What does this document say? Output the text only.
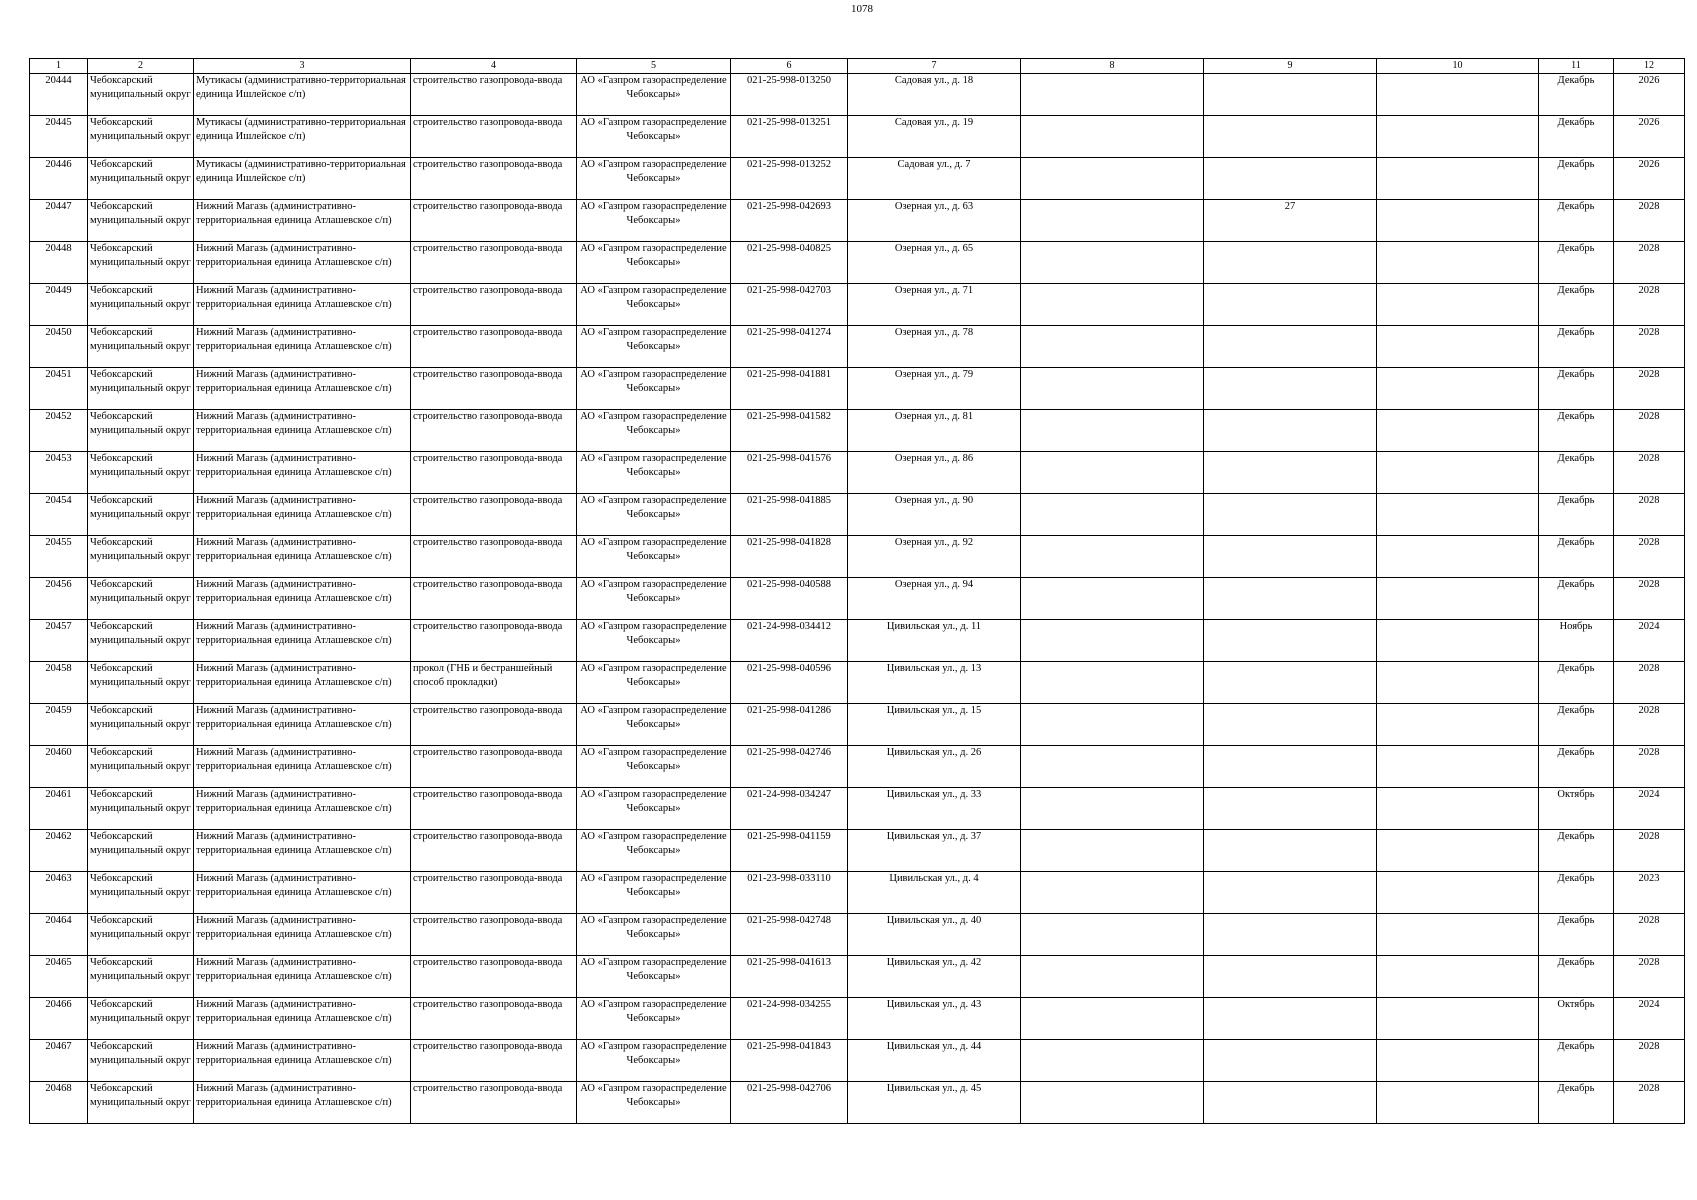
1078
1	2	3	4	5	6	7	8	9	10	11	12

20444	Чебоксарский муниципальный округ	Мутикасы (административно-территориальная единица Ишлейское с/п)	строительство газопровода-ввода	АО «Газпром газораспределение Чебоксары»	021-25-998-013250	Садовая ул., д. 18				Декабрь	2026

20445	Чебоксарский муниципальный округ	Мутикасы (административно-территориальная единица Ишлейское с/п)	строительство газопровода-ввода	АО «Газпром газораспределение Чебоксары»	021-25-998-013251	Садовая ул., д. 19				Декабрь	2026

20446	Чебоксарский муниципальный округ	Мутикасы (административно-территориальная единица Ишлейское с/п)	строительство газопровода-ввода	АО «Газпром газораспределение Чебоксары»	021-25-998-013252	Садовая ул., д. 7				Декабрь	2026

20447	Чебоксарский муниципальный округ	Нижний Магазь (административно-территориальная единица Атлашевское с/п)	строительство газопровода-ввода	АО «Газпром газораспределение Чебоксары»	021-25-998-042693	Озерная ул., д. 63		27		Декабрь	2028

20448	Чебоксарский муниципальный округ	Нижний Магазь (административно-территориальная единица Атлашевское с/п)	строительство газопровода-ввода	АО «Газпром газораспределение Чебоксары»	021-25-998-040825	Озерная ул., д. 65				Декабрь	2028

20449	Чебоксарский муниципальный округ	Нижний Магазь (административно-территориальная единица Атлашевское с/п)	строительство газопровода-ввода	АО «Газпром газораспределение Чебоксары»	021-25-998-042703	Озерная ул., д. 71				Декабрь	2028

20450	Чебоксарский муниципальный округ	Нижний Магазь (административно-территориальная единица Атлашевское с/п)	строительство газопровода-ввода	АО «Газпром газораспределение Чебоксары»	021-25-998-041274	Озерная ул., д. 78				Декабрь	2028

20451	Чебоксарский муниципальный округ	Нижний Магазь (административно-территориальная единица Атлашевское с/п)	строительство газопровода-ввода	АО «Газпром газораспределение Чебоксары»	021-25-998-041881	Озерная ул., д. 79				Декабрь	2028

20452	Чебоксарский муниципальный округ	Нижний Магазь (административно-территориальная единица Атлашевское с/п)	строительство газопровода-ввода	АО «Газпром газораспределение Чебоксары»	021-25-998-041582	Озерная ул., д. 81				Декабрь	2028

20453	Чебоксарский муниципальный округ	Нижний Магазь (административно-территориальная единица Атлашевское с/п)	строительство газопровода-ввода	АО «Газпром газораспределение Чебоксары»	021-25-998-041576	Озерная ул., д. 86				Декабрь	2028

20454	Чебоксарский муниципальный округ	Нижний Магазь (административно-территориальная единица Атлашевское с/п)	строительство газопровода-ввода	АО «Газпром газораспределение Чебоксары»	021-25-998-041885	Озерная ул., д. 90				Декабрь	2028

20455	Чебоксарский муниципальный округ	Нижний Магазь (административно-территориальная единица Атлашевское с/п)	строительство газопровода-ввода	АО «Газпром газораспределение Чебоксары»	021-25-998-041828	Озерная ул., д. 92				Декабрь	2028

20456	Чебоксарский муниципальный округ	Нижний Магазь (административно-территориальная единица Атлашевское с/п)	строительство газопровода-ввода	АО «Газпром газораспределение Чебоксары»	021-25-998-040588	Озерная ул., д. 94				Декабрь	2028

20457	Чебоксарский муниципальный округ	Нижний Магазь (административно-территориальная единица Атлашевское с/п)	строительство газопровода-ввода	АО «Газпром газораспределение Чебоксары»	021-24-998-034412	Цивильская ул., д. 11				Ноябрь	2024

20458	Чебоксарский муниципальный округ	Нижний Магазь (административно-территориальная единица Атлашевское с/п)	прокол (ГНБ и бестраншейный способ прокладки)	АО «Газпром газораспределение Чебоксары»	021-25-998-040596	Цивильская ул., д. 13				Декабрь	2028

20459	Чебоксарский муниципальный округ	Нижний Магазь (административно-территориальная единица Атлашевское с/п)	строительство газопровода-ввода	АО «Газпром газораспределение Чебоксары»	021-25-998-041286	Цивильская ул., д. 15				Декабрь	2028

20460	Чебоксарский муниципальный округ	Нижний Магазь (административно-территориальная единица Атлашевское с/п)	строительство газопровода-ввода	АО «Газпром газораспределение Чебоксары»	021-25-998-042746	Цивильская ул., д. 26				Декабрь	2028

20461	Чебоксарский муниципальный округ	Нижний Магазь (административно-территориальная единица Атлашевское с/п)	строительство газопровода-ввода	АО «Газпром газораспределение Чебоксары»	021-24-998-034247	Цивильская ул., д. 33				Октябрь	2024

20462	Чебоксарский муниципальный округ	Нижний Магазь (административно-территориальная единица Атлашевское с/п)	строительство газопровода-ввода	АО «Газпром газораспределение Чебоксары»	021-25-998-041159	Цивильская ул., д. 37				Декабрь	2028

20463	Чебоксарский муниципальный округ	Нижний Магазь (административно-территориальная единица Атлашевское с/п)	строительство газопровода-ввода	АО «Газпром газораспределение Чебоксары»	021-23-998-033110	Цивильская ул., д. 4				Декабрь	2023

20464	Чебоксарский муниципальный округ	Нижний Магазь (административно-территориальная единица Атлашевское с/п)	строительство газопровода-ввода	АО «Газпром газораспределение Чебоксары»	021-25-998-042748	Цивильская ул., д. 40				Декабрь	2028

20465	Чебоксарский муниципальный округ	Нижний Магазь (административно-территориальная единица Атлашевское с/п)	строительство газопровода-ввода	АО «Газпром газораспределение Чебоксары»	021-25-998-041613	Цивильская ул., д. 42				Декабрь	2028

20466	Чебоксарский муниципальный округ	Нижний Магазь (административно-территориальная единица Атлашевское с/п)	строительство газопровода-ввода	АО «Газпром газораспределение Чебоксары»	021-24-998-034255	Цивильская ул., д. 43				Октябрь	2024

20467	Чебоксарский муниципальный округ	Нижний Магазь (административно-территориальная единица Атлашевское с/п)	строительство газопровода-ввода	АО «Газпром газораспределение Чебоксары»	021-25-998-041843	Цивильская ул., д. 44				Декабрь	2028

20468	Чебоксарский муниципальный округ	Нижний Магазь (административно-территориальная единица Атлашевское с/п)	строительство газопровода-ввода	АО «Газпром газораспределение Чебоксары»	021-25-998-042706	Цивильская ул., д. 45				Декабрь	2028
